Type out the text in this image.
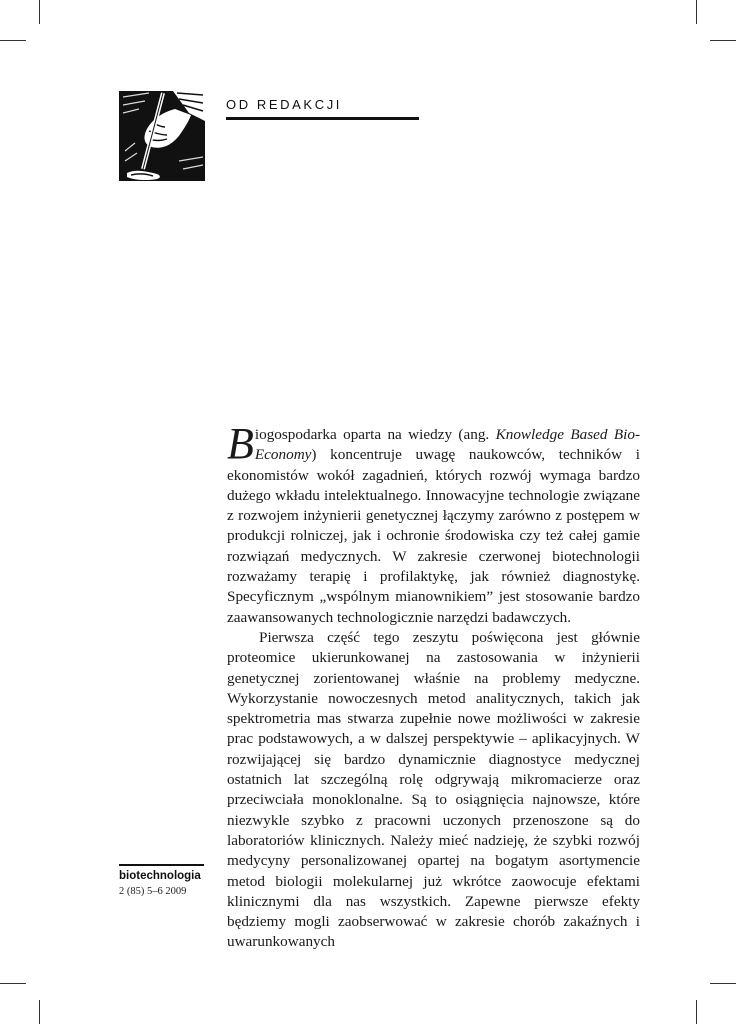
OD REDAKCJI

Biogospodarka oparta na wiedzy (ang. Knowledge Based Bio-Economy) koncentruje uwagę naukowców, techników i ekonomistów wokół zagadnień, których rozwój wymaga bardzo dużego wkładu intelektualnego. Innowacyjne technologie związane z rozwojem inżynierii genetycznej łączymy zarówno z postępem w produkcji rolniczej, jak i ochronie środowiska czy też całej gamie rozwiązań medycznych. W zakresie czerwonej biotechnologii rozważamy terapię i profilaktykę, jak również diagnostykę. Specyficznym „wspólnym mianownikiem” jest stosowanie bardzo zaawansowanych technologicznie narzędzi badawczych.

Pierwsza część tego zeszytu poświęcona jest głównie proteomice ukierunkowanej na zastosowania w inżynierii genetycznej zorientowanej właśnie na problemy medyczne. Wykorzystanie nowoczesnych metod analitycznych, takich jak spektrometria mas stwarza zupełnie nowe możliwości w zakresie prac podstawowych, a w dalszej perspektywie – aplikacyjnych. W rozwijającej się bardzo dynamicznie diagnostyce medycznej ostatnich lat szczególną rolę odgrywają mikromacierze oraz przeciwciała monoklonalne. Są to osiągnięcia najnowsze, które niezwykle szybko z pracowni uczonych przenoszone są do laboratoriów klinicznych. Należy mieć nadzieję, że szybki rozwój medycyny personalizowanej opartej na bogatym asortymencie metod biologii molekularnej już wkrótce zaowocuje efektami klinicznymi dla nas wszystkich. Zapewne pierwsze efekty będziemy mogli zaobserwować w zakresie chorób zakaźnych i uwarunkowanych

biotechnologia
2 (85) 5–6 2009
